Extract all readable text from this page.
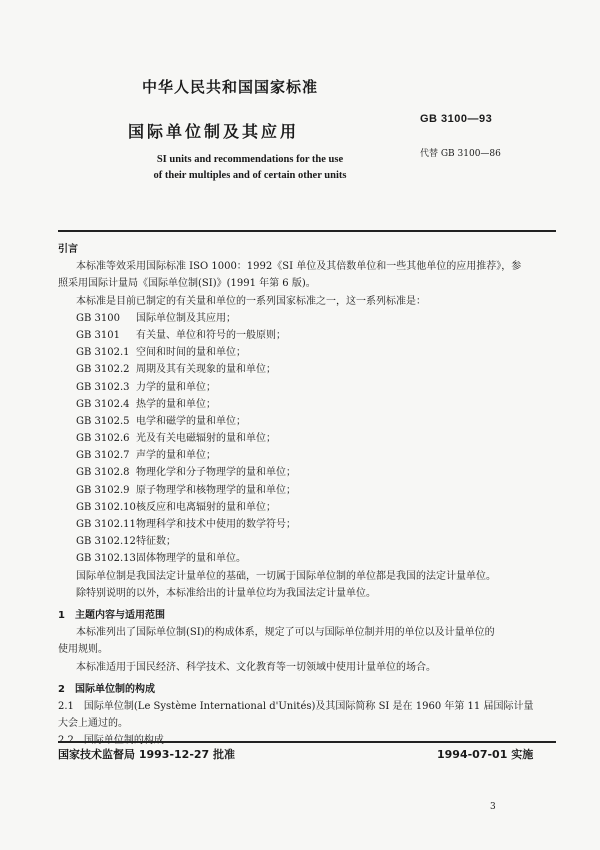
中华人民共和国国家标准
GB 3100—93
国际单位制及其应用
代替 GB 3100—86
SI units and recommendations for the use
of their multiples and of certain other units
引言
本标准等效采用国际标准 ISO 1000：1992《SI 单位及其倍数单位和一些其他单位的应用推荐》，参
照采用国际计量局《国际单位制(SI)》(1991 年第 6 版)。
本标准是目前已制定的有关量和单位的一系列国家标准之一，这一系列标准是：
GB 3100 国际单位制及其应用；
GB 3101 有关量、单位和符号的一般原则；
GB 3102.1 空间和时间的量和单位；
GB 3102.2 周期及其有关现象的量和单位；
GB 3102.3 力学的量和单位；
GB 3102.4 热学的量和单位；
GB 3102.5 电学和磁学的量和单位；
GB 3102.6 光及有关电磁辐射的量和单位；
GB 3102.7 声学的量和单位；
GB 3102.8 物理化学和分子物理学的量和单位；
GB 3102.9 原子物理学和核物理学的量和单位；
GB 3102.10核反应和电离辐射的量和单位；
GB 3102.11物理科学和技术中使用的数学符号；
GB 3102.12特征数；
GB 3102.13固体物理学的量和单位。
国际单位制是我国法定计量单位的基础，一切属于国际单位制的单位都是我国的法定计量单位。
除特别说明的以外，本标准给出的计量单位均为我国法定计量单位。
1　主题内容与适用范围
本标准列出了国际单位制(SI)的构成体系，规定了可以与国际单位制并用的单位以及计量单位的
使用规则。
本标准适用于国民经济、科学技术、文化教育等一切领域中使用计量单位的场合。
2　国际单位制的构成
2.1　国际单位制(Le Système International d'Unités)及其国际简称 SI 是在 1960 年第 11 届国际计量
大会上通过的。
国家技术监督局 1993-12-27 批准	1994-07-01 实施
3
